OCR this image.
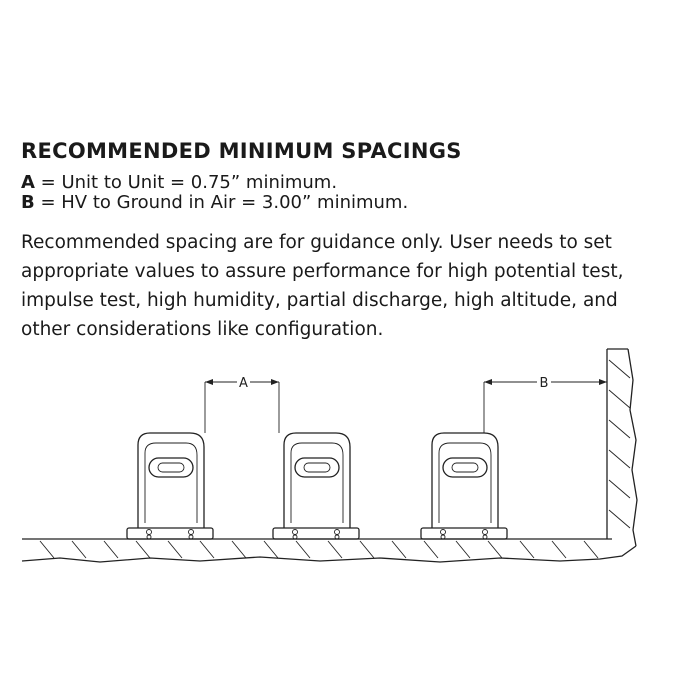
RECOMMENDED MINIMUM SPACINGS
A = Unit to Unit = 0.75” minimum.
B = HV to Ground in Air = 3.00” minimum.
Recommended spacing are for guidance only. User needs to set
appropriate values to assure performance for high potential test,
impulse test, high humidity, partial discharge, high altitude, and
other considerations like configuration.
A	B
